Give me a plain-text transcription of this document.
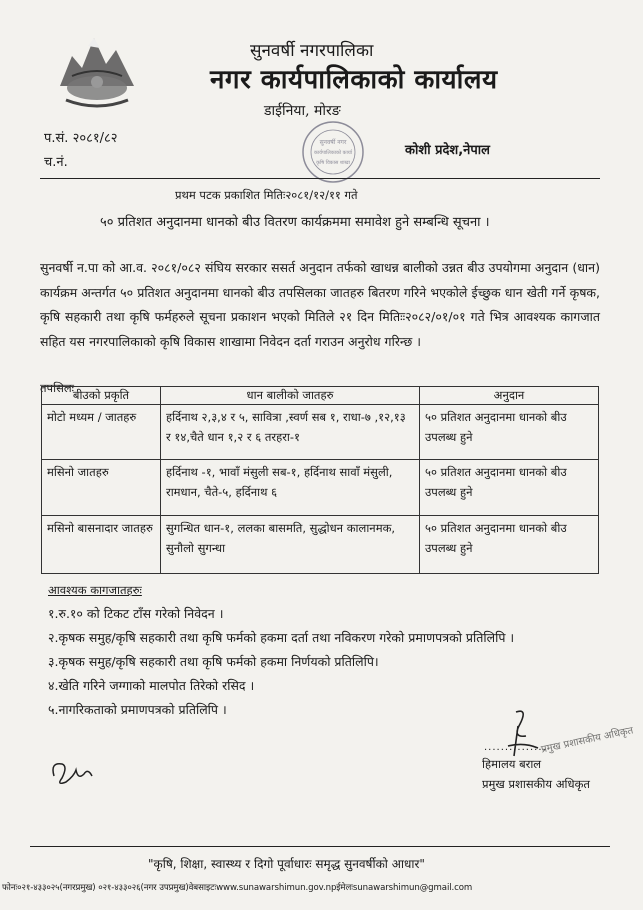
सुनवर्षी नगरपालिका
नगर कार्यपालिकाको कार्यालय
डाईनिया, मोरङ
सुनवर्षी नगर
कार्यपालिकाको कार्या
कृषि विकास शाखा
प.सं. २०८१/८२
च.नं.
कोशी प्रदेश,नेपाल
प्रथम पटक प्रकाशित मितिः२०८१/१२/११ गते
५० प्रतिशत अनुदानमा धानको बीउ वितरण कार्यक्रममा समावेश हुने सम्बन्धि सूचना ।
सुनवर्षी न.पा को आ.व. २०८१/०८२ संघिय सरकार ससर्त अनुदान तर्फको खाधन्न बालीको उन्नत बीउ उपयोगमा अनुदान (धान) कार्यक्रम अन्तर्गत ५० प्रतिशत अनुदानमा धानको बीउ तपसिलका जातहरु बितरण गरिने भएकोले ईच्छुक धान खेती गर्ने कृषक, कृषि सहकारी तथा कृषि फर्महरुले सूचना प्रकाशन भएको मितिले २१ दिन मितिःः२०८२/०१/०१ गते भित्र आवश्यक कागजात सहित यस नगरपालिकाको कृषि विकास शाखामा निवेदन दर्ता गराउन अनुरोध गरिन्छ ।
तपसिलः
बीउको प्रकृति	धान बालीको जातहरु	अनुदान
मोटो मध्यम / जातहरु	हर्दिनाथ २,३,४ र ५, सावित्रा ,स्वर्ण सब १, राधा-७ ,१२,१३ र १४,चैते धान १,२ र ६ तरहरा-१	५० प्रतिशत अनुदानमा धानको बीउ उपलब्ध हुने
मसिनो जातहरु	हर्दिनाथ -१, भावाँ मंसुली सब-१, हर्दिनाथ सावाँ मंसुली, रामधान, चैते-५, हर्दिनाथ ६	५० प्रतिशत अनुदानमा धानको बीउ उपलब्ध हुने
मसिनो बासनादार जातहरु	सुगन्धित धान-१, ललका बासमति, सुद्धोधन कालानमक, सुनौलो सुगन्धा	५० प्रतिशत अनुदानमा धानको बीउ उपलब्ध हुने
आवश्यक कागजातहरुः
१.रु.१० को टिकट टाँस गरेको निवेदन ।
२.कृषक समुह/कृषि सहकारी तथा कृषि फर्मको हकमा दर्ता तथा नविकरण गरेको प्रमाणपत्रको प्रतिलिपि ।
३.कृषक समुह/कृषि सहकारी तथा कृषि फर्मको हकमा निर्णयको प्रतिलिपि।
४.खेति गरिने जग्गाको मालपोत तिरेको रसिद ।
५.नागरिकताको प्रमाणपत्रको प्रतिलिपि ।
...............
प्रमुख प्रशासकीय अधिकृत
हिमालय बराल
प्रमुख प्रशासकीय अधिकृत
"कृषि, शिक्षा, स्वास्थ्य र दिगो पूर्वाधारः समृद्ध सुनवर्षीको आधार"
फोनः०२१-४३३०२५(नगरप्रमुख) ०२१-४३३०२६(नगर उपप्रमुख)वेबसाइटःwww.sunawarshimun.gov.npईमेलःsunawarshimun@gmail.com
